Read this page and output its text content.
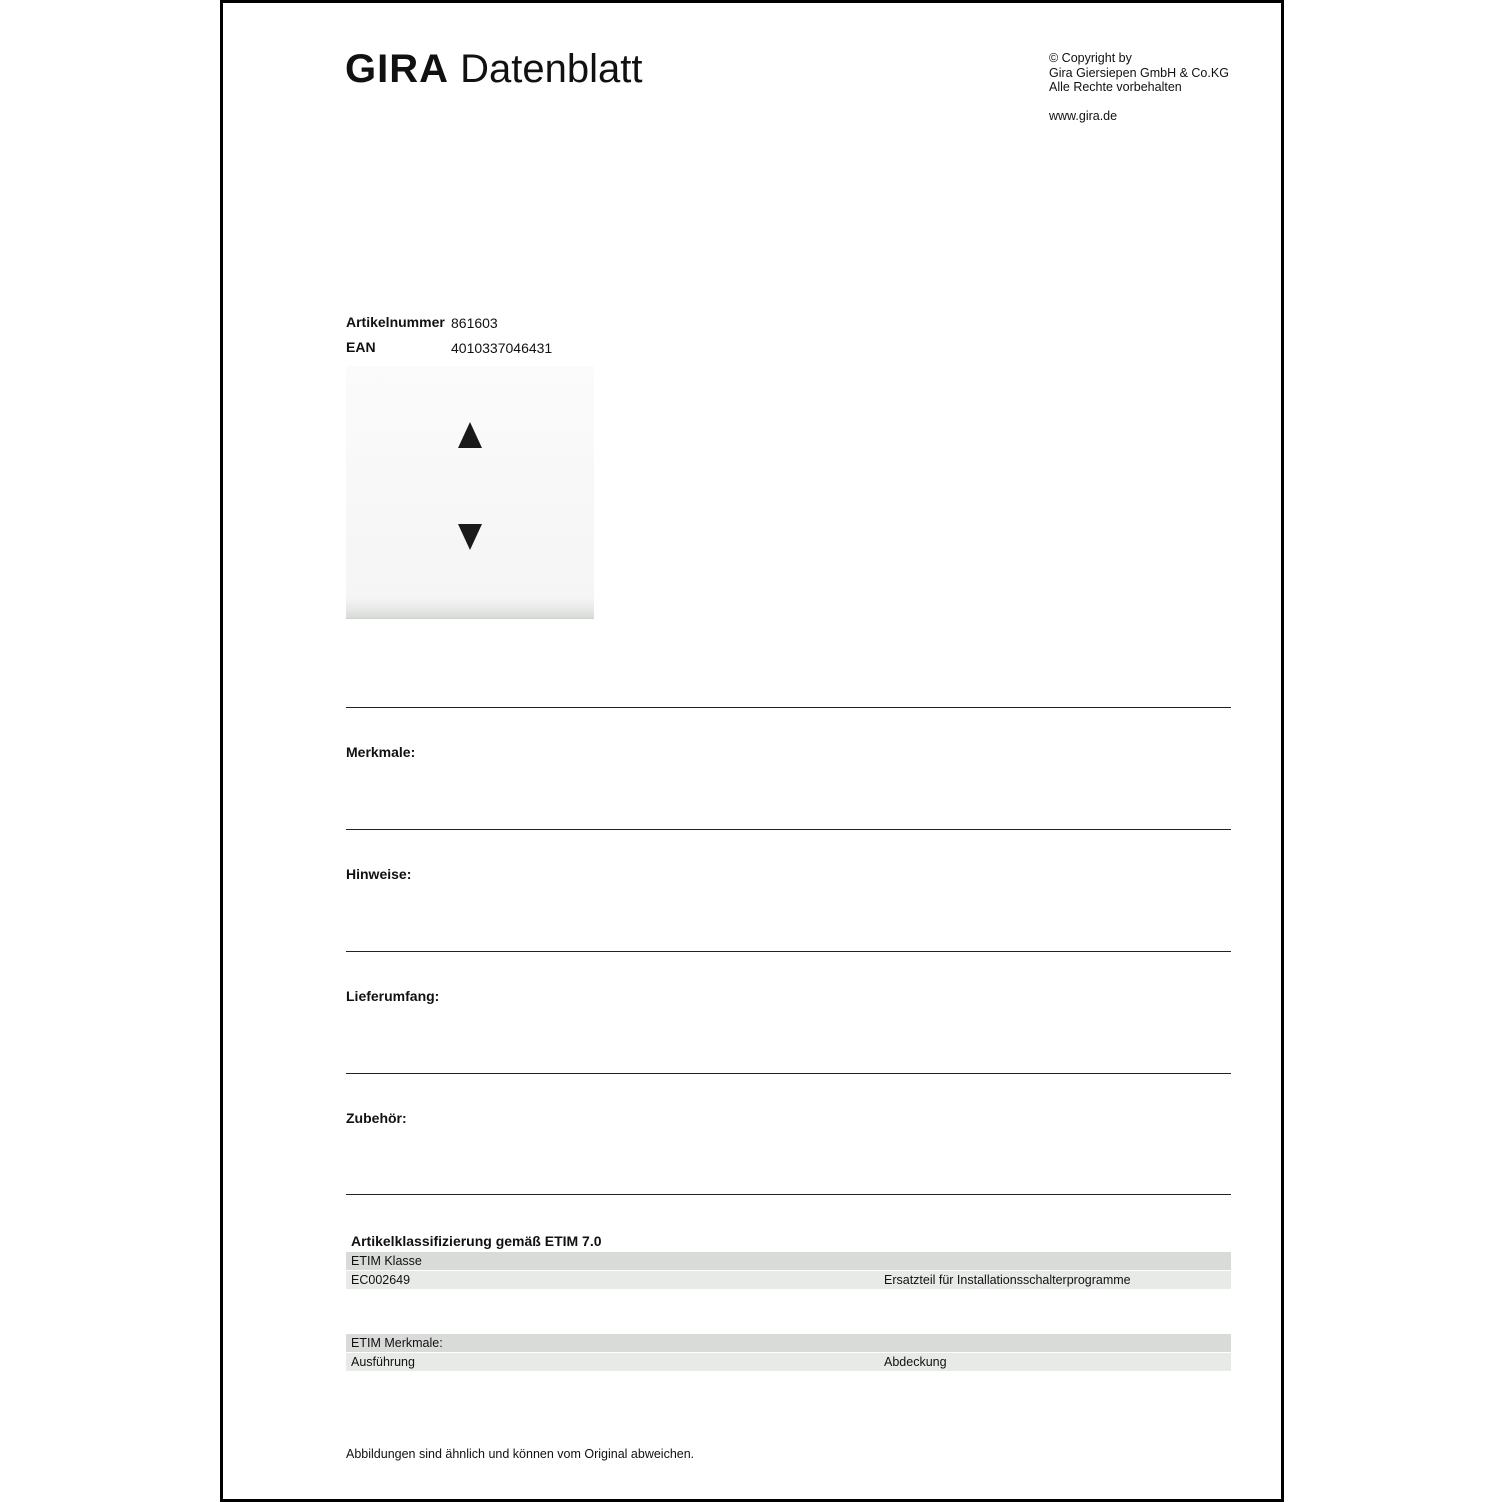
GIRA Datenblatt	© Copyright by
Gira Giersiepen GmbH & Co.KG
Alle Rechte vorbehalten
www.gira.de
Artikelnummer 861603
EAN	4010337046431
Merkmale:
Hinweise:
Lieferumfang:
Zubehör:
Artikelklassifizierung gemäß ETIM 7.0
ETIM Klasse
EC002649	Ersatzteil für Installationsschalterprogramme
ETIM Merkmale:
Ausführung	Abdeckung
Abbildungen sind ähnlich und können vom Original abweichen.
